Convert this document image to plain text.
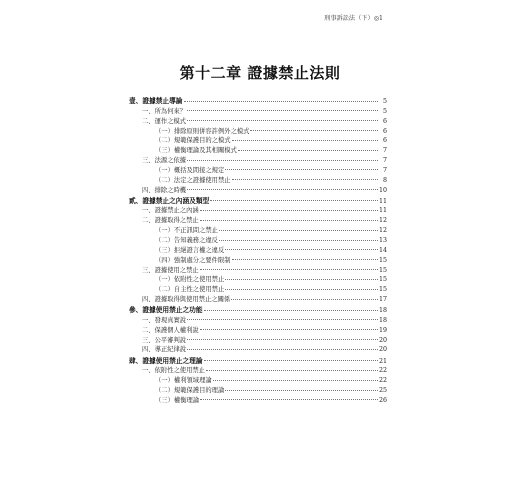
刑事訴訟法（下）◎1
第十二章 證據禁止法則
壹、證據禁止導論	5
一、所為何來？	5
二、運作之模式	6
（一）排除原則併容許例外之模式	6
（二）規範保護目的之模式	6
（三）權衡理論及其相關模式	7
三、法源之依據	7
（一）概括及間接之規定	7
（二）法定之證據使用禁止	8
四、排除之時機	10
貳、證據禁止之內涵及類型	11
一、證據禁止之內涵	11
二、證據取得之禁止	12
（一）不正訊問之禁止	12
（二）告知義務之違反	13
（三）拒絕證言權之違反	14
（四）強制處分之要件限制	15
三、證據使用之禁止	15
（一）依附性之使用禁止	15
（二）自主性之使用禁止	15
四、證據取得與使用禁止之關係	17
參、證據使用禁止之功能	18
一、發現真實說	18
二、保護個人權利說	19
三、公平審判說	20
四、導正紀律說	20
肆、證據使用禁止之理論	21
一、依附性之使用禁止	22
（一）權利領域理論	22
（二）規範保護目的理論	25
（三）權衡理論	26
